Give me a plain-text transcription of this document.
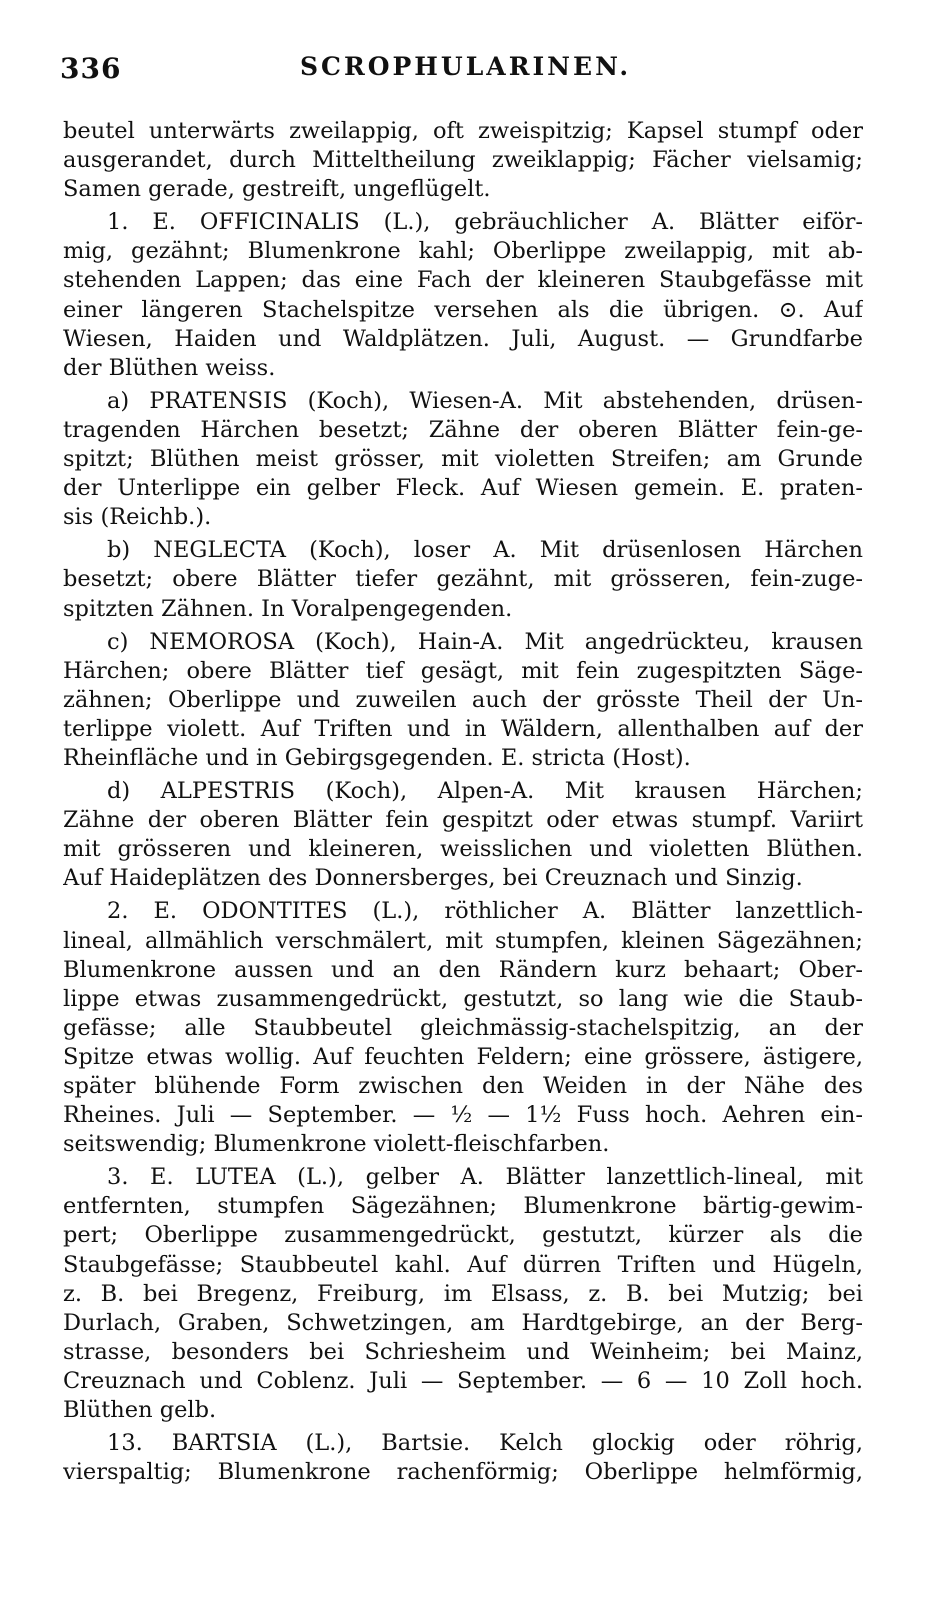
336	SCROPHULARINEN.
beutel unterwärts zweilappig, oft zweispitzig; Kapsel stumpf oder
ausgerandet, durch Mitteltheilung zweiklappig; Fächer vielsamig;
Samen gerade, gestreift, ungeflügelt.
1. E. OFFICINALIS (L.), gebräuchlicher A. Blätter eiför-
mig, gezähnt; Blumenkrone kahl; Oberlippe zweilappig, mit ab-
stehenden Lappen; das eine Fach der kleineren Staubgefässe mit
einer längeren Stachelspitze versehen als die übrigen. ⊙. Auf
Wiesen, Haiden und Waldplätzen. Juli, August. — Grundfarbe
der Blüthen weiss.
a) PRATENSIS (Koch), Wiesen-A. Mit abstehenden, drüsen-
tragenden Härchen besetzt; Zähne der oberen Blätter fein-ge-
spitzt; Blüthen meist grösser, mit violetten Streifen; am Grunde
der Unterlippe ein gelber Fleck. Auf Wiesen gemein. E. praten-
sis (Reichb.).
b) NEGLECTA (Koch), loser A. Mit drüsenlosen Härchen
besetzt; obere Blätter tiefer gezähnt, mit grösseren, fein-zuge-
spitzten Zähnen. In Voralpengegenden.
c) NEMOROSA (Koch), Hain-A. Mit angedrückteu, krausen
Härchen; obere Blätter tief gesägt, mit fein zugespitzten Säge-
zähnen; Oberlippe und zuweilen auch der grösste Theil der Un-
terlippe violett. Auf Triften und in Wäldern, allenthalben auf der
Rheinfläche und in Gebirgsgegenden. E. stricta (Host).
d) ALPESTRIS (Koch), Alpen-A. Mit krausen Härchen;
Zähne der oberen Blätter fein gespitzt oder etwas stumpf. Variirt
mit grösseren und kleineren, weisslichen und violetten Blüthen.
Auf Haideplätzen des Donnersberges, bei Creuznach und Sinzig.
2. E. ODONTITES (L.), röthlicher A. Blätter lanzettlich-
lineal, allmählich verschmälert, mit stumpfen, kleinen Sägezähnen;
Blumenkrone aussen und an den Rändern kurz behaart; Ober-
lippe etwas zusammengedrückt, gestutzt, so lang wie die Staub-
gefässe; alle Staubbeutel gleichmässig-stachelspitzig, an der
Spitze etwas wollig. Auf feuchten Feldern; eine grössere, ästigere,
später blühende Form zwischen den Weiden in der Nähe des
Rheines. Juli — September. — ½ — 1½ Fuss hoch. Aehren ein-
seitswendig; Blumenkrone violett-fleischfarben.
3. E. LUTEA (L.), gelber A. Blätter lanzettlich-lineal, mit
entfernten, stumpfen Sägezähnen; Blumenkrone bärtig-gewim-
pert; Oberlippe zusammengedrückt, gestutzt, kürzer als die
Staubgefässe; Staubbeutel kahl. Auf dürren Triften und Hügeln,
z. B. bei Bregenz, Freiburg, im Elsass, z. B. bei Mutzig; bei
Durlach, Graben, Schwetzingen, am Hardtgebirge, an der Berg-
strasse, besonders bei Schriesheim und Weinheim; bei Mainz,
Creuznach und Coblenz. Juli — September. — 6 — 10 Zoll hoch.
Blüthen gelb.
13. BARTSIA (L.), Bartsie. Kelch glockig oder röhrig,
vierspaltig; Blumenkrone rachenförmig; Oberlippe helmförmig,
